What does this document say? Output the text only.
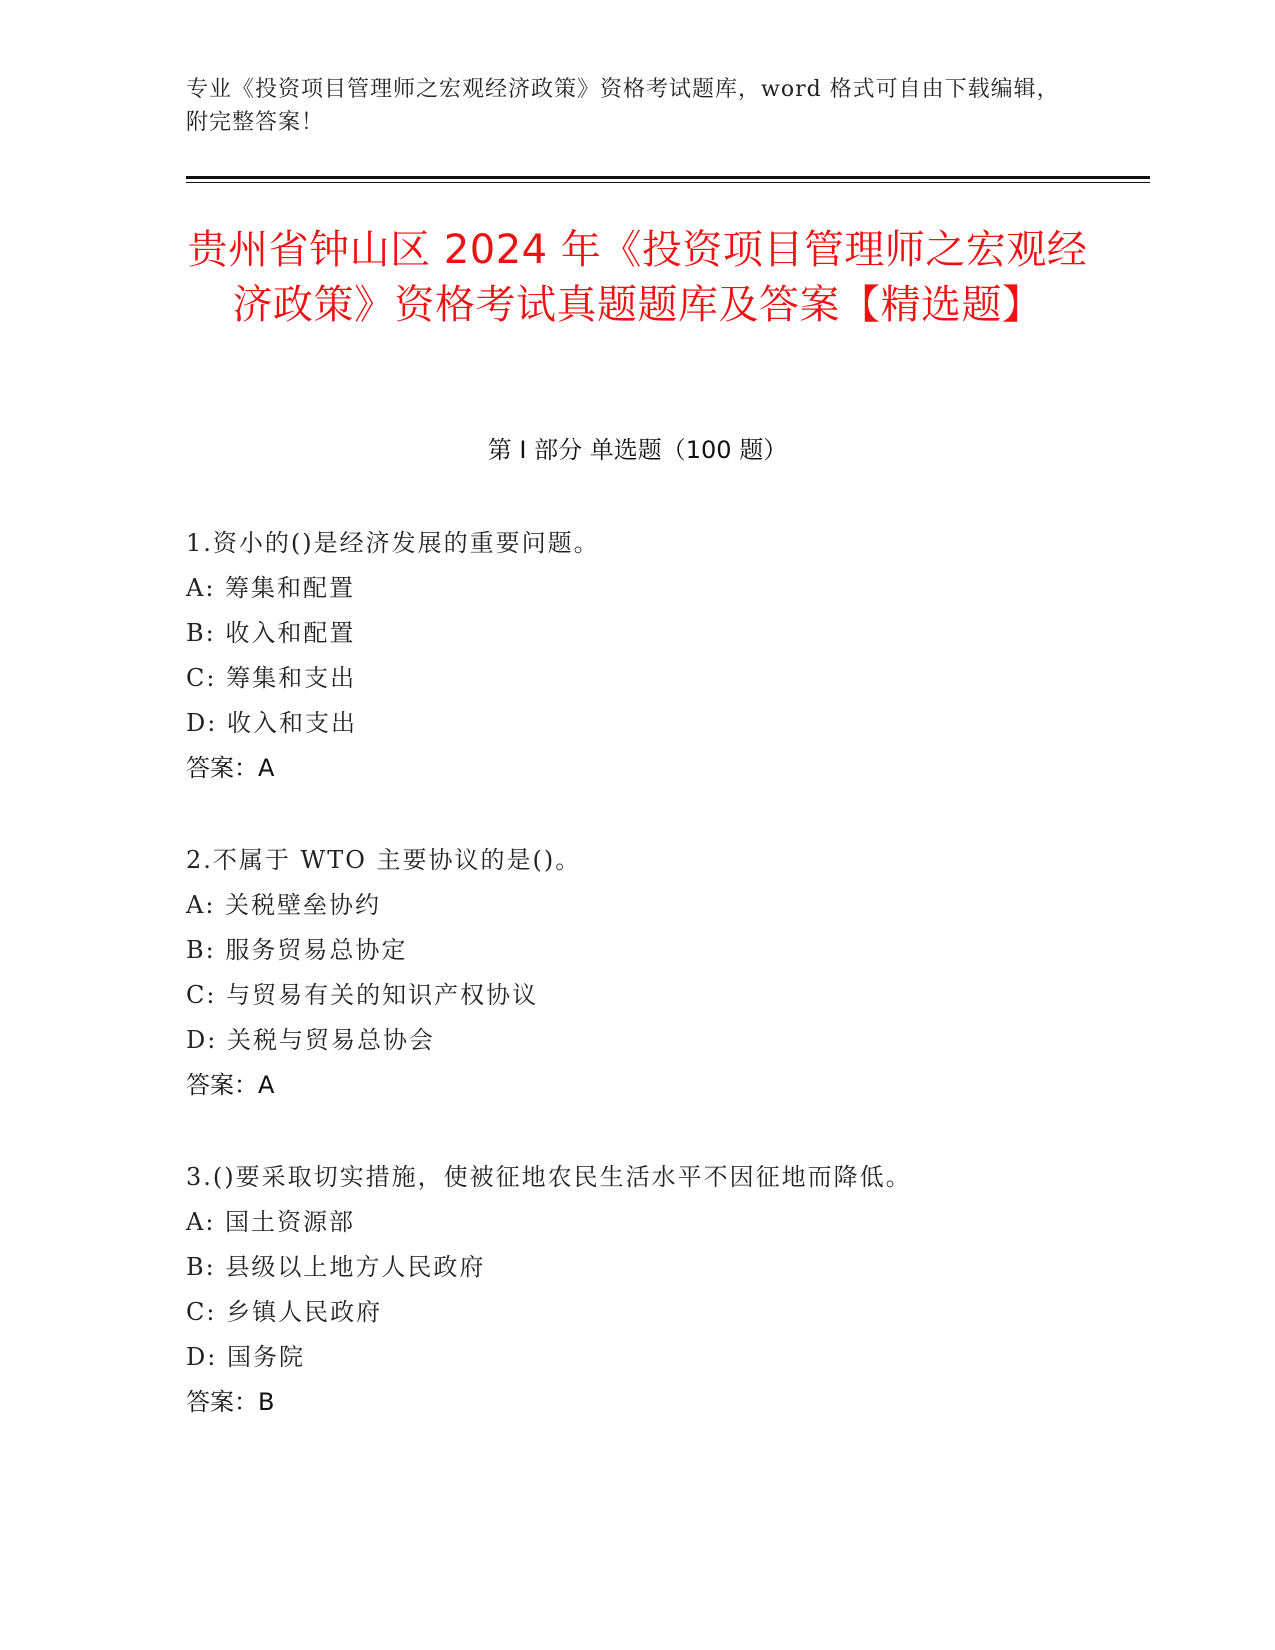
专业《投资项目管理师之宏观经济政策》资格考试题库，word 格式可自由下载编辑，附完整答案！
贵州省钟山区 2024 年《投资项目管理师之宏观经济政策》资格考试真题题库及答案【精选题】
第 I 部分 单选题（100 题）
1.资小的()是经济发展的重要问题。
A: 筹集和配置
B: 收入和配置
C: 筹集和支出
D: 收入和支出
答案：A
2.不属于 WTO 主要协议的是()。
A: 关税壁垒协约
B: 服务贸易总协定
C: 与贸易有关的知识产权协议
D: 关税与贸易总协会
答案：A
3.()要采取切实措施，使被征地农民生活水平不因征地而降低。
A: 国土资源部
B: 县级以上地方人民政府
C: 乡镇人民政府
D: 国务院
答案：B
